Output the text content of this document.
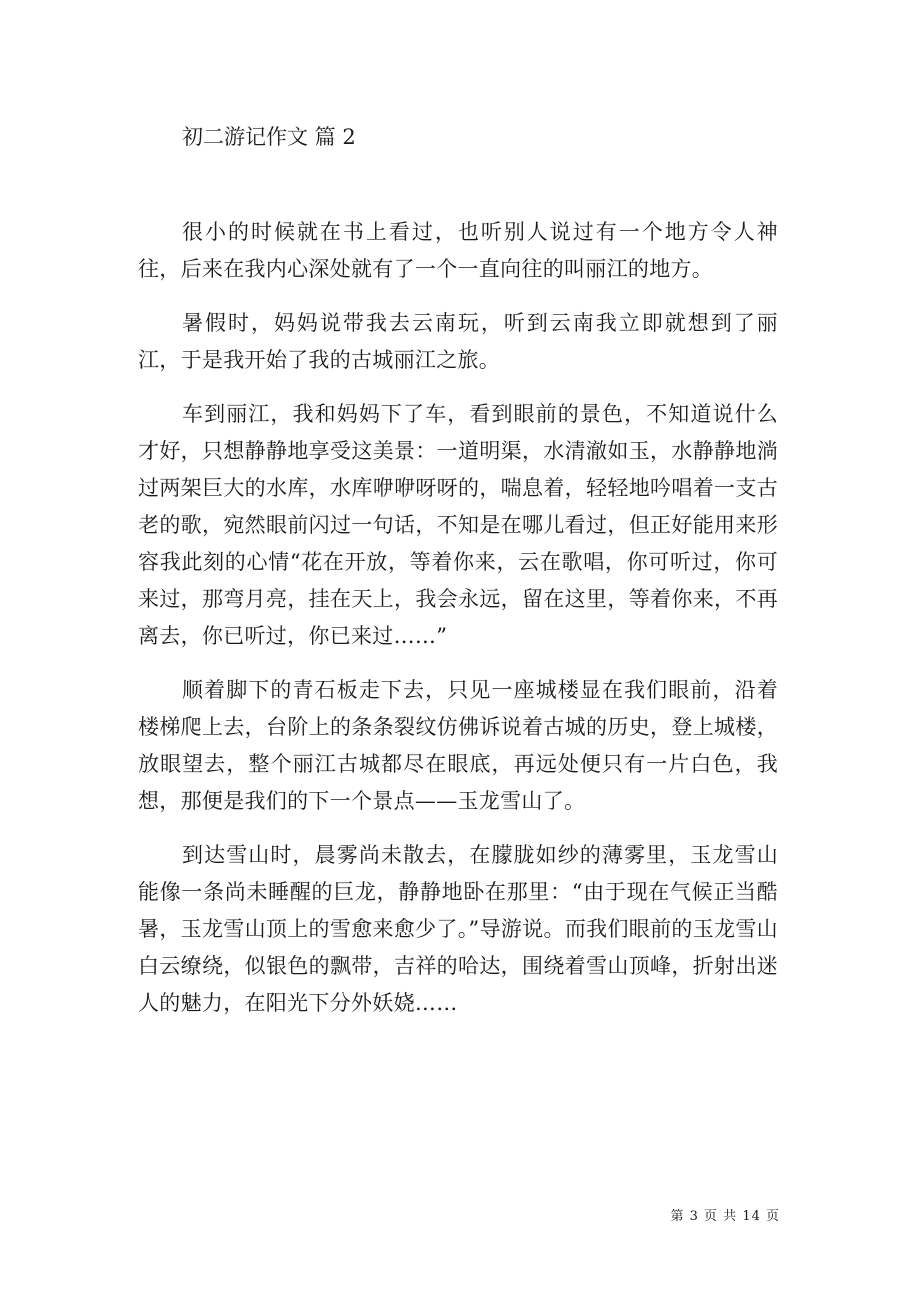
初二游记作文 篇 2

很小的时候就在书上看过，也听别人说过有一个地方令人神往，后来在我内心深处就有了一个一直向往的叫丽江的地方。

暑假时，妈妈说带我去云南玩，听到云南我立即就想到了丽江，于是我开始了我的古城丽江之旅。

车到丽江，我和妈妈下了车，看到眼前的景色，不知道说什么才好，只想静静地享受这美景：一道明渠，水清澈如玉，水静静地淌过两架巨大的水库，水库咿咿呀呀的，喘息着，轻轻地吟唱着一支古老的歌，宛然眼前闪过一句话，不知是在哪儿看过，但正好能用来形容我此刻的心情“花在开放，等着你来，云在歌唱，你可听过，你可来过，那弯月亮，挂在天上，我会永远，留在这里，等着你来，不再离去，你已听过，你已来过……”

顺着脚下的青石板走下去，只见一座城楼显在我们眼前，沿着楼梯爬上去，台阶上的条条裂纹仿佛诉说着古城的历史，登上城楼，放眼望去，整个丽江古城都尽在眼底，再远处便只有一片白色，我想，那便是我们的下一个景点——玉龙雪山了。

到达雪山时，晨雾尚未散去，在朦胧如纱的薄雾里，玉龙雪山能像一条尚未睡醒的巨龙，静静地卧在那里：“由于现在气候正当酷暑，玉龙雪山顶上的雪愈来愈少了。”导游说。而我们眼前的玉龙雪山白云缭绕，似银色的飘带，吉祥的哈达，围绕着雪山顶峰，折射出迷人的魅力，在阳光下分外妖娆……

第 3 页 共 14 页
